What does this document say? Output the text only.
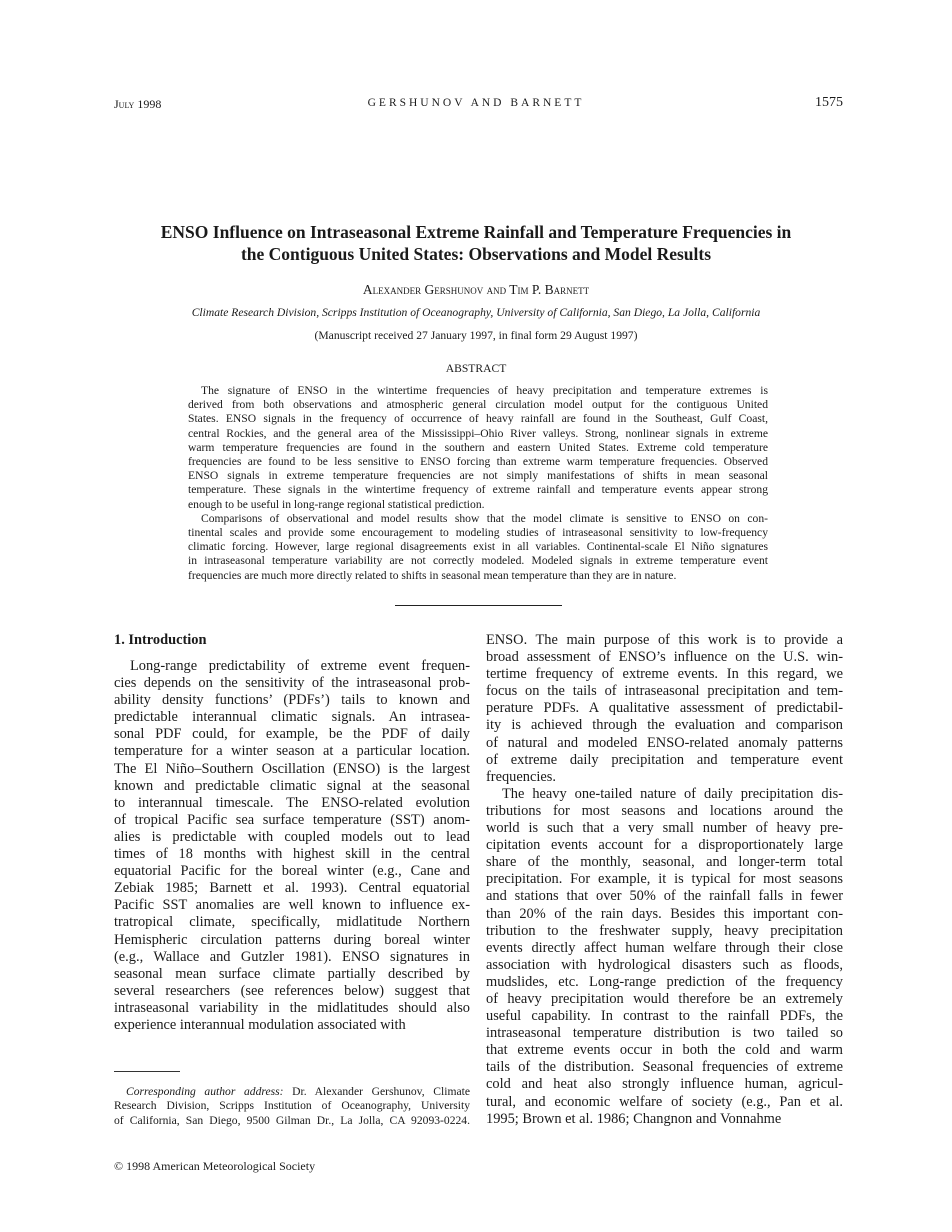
July 1998	GERSHUNOV AND BARNETT	1575
ENSO Influence on Intraseasonal Extreme Rainfall and Temperature Frequencies in
the Contiguous United States: Observations and Model Results
Alexander Gershunov and Tim P. Barnett
Climate Research Division, Scripps Institution of Oceanography, University of California, San Diego, La Jolla, California
(Manuscript received 27 January 1997, in final form 29 August 1997)
ABSTRACT
The signature of ENSO in the wintertime frequencies of heavy precipitation and temperature extremes is
derived from both observations and atmospheric general circulation model output for the contiguous United
States. ENSO signals in the frequency of occurrence of heavy rainfall are found in the Southeast, Gulf Coast,
central Rockies, and the general area of the Mississippi–Ohio River valleys. Strong, nonlinear signals in extreme
warm temperature frequencies are found in the southern and eastern United States. Extreme cold temperature
frequencies are found to be less sensitive to ENSO forcing than extreme warm temperature frequencies. Observed
ENSO signals in extreme temperature frequencies are not simply manifestations of shifts in mean seasonal
temperature. These signals in the wintertime frequency of extreme rainfall and temperature events appear strong
enough to be useful in long-range regional statistical prediction.
Comparisons of observational and model results show that the model climate is sensitive to ENSO on con-
tinental scales and provide some encouragement to modeling studies of intraseasonal sensitivity to low-frequency
climatic forcing. However, large regional disagreements exist in all variables. Continental-scale El Niño signatures
in intraseasonal temperature variability are not correctly modeled. Modeled signals in extreme temperature event
frequencies are much more directly related to shifts in seasonal mean temperature than they are in nature.
1. Introduction
Long-range predictability of extreme event frequen-
cies depends on the sensitivity of the intraseasonal prob-
ability density functions’ (PDFs’) tails to known and
predictable interannual climatic signals. An intrasea-
sonal PDF could, for example, be the PDF of daily
temperature for a winter season at a particular location.
The El Niño–Southern Oscillation (ENSO) is the largest
known and predictable climatic signal at the seasonal
to interannual timescale. The ENSO-related evolution
of tropical Pacific sea surface temperature (SST) anom-
alies is predictable with coupled models out to lead
times of 18 months with highest skill in the central
equatorial Pacific for the boreal winter (e.g., Cane and
Zebiak 1985; Barnett et al. 1993). Central equatorial
Pacific SST anomalies are well known to influence ex-
tratropical climate, specifically, midlatitude Northern
Hemispheric circulation patterns during boreal winter
(e.g., Wallace and Gutzler 1981). ENSO signatures in
seasonal mean surface climate partially described by
several researchers (see references below) suggest that
intraseasonal variability in the midlatitudes should also
experience interannual modulation associated with
ENSO. The main purpose of this work is to provide a
broad assessment of ENSO’s influence on the U.S. win-
tertime frequency of extreme events. In this regard, we
focus on the tails of intraseasonal precipitation and tem-
perature PDFs. A qualitative assessment of predictabil-
ity is achieved through the evaluation and comparison
of natural and modeled ENSO-related anomaly patterns
of extreme daily precipitation and temperature event
frequencies.
The heavy one-tailed nature of daily precipitation dis-
tributions for most seasons and locations around the
world is such that a very small number of heavy pre-
cipitation events account for a disproportionately large
share of the monthly, seasonal, and longer-term total
precipitation. For example, it is typical for most seasons
and stations that over 50% of the rainfall falls in fewer
than 20% of the rain days. Besides this important con-
tribution to the freshwater supply, heavy precipitation
events directly affect human welfare through their close
association with hydrological disasters such as floods,
mudslides, etc. Long-range prediction of the frequency
of heavy precipitation would therefore be an extremely
useful capability. In contrast to the rainfall PDFs, the
intraseasonal temperature distribution is two tailed so
that extreme events occur in both the cold and warm
tails of the distribution. Seasonal frequencies of extreme
cold and heat also strongly influence human, agricul-
tural, and economic welfare of society (e.g., Pan et al.
1995; Brown et al. 1986; Changnon and Vonnahme
Corresponding author address: Dr. Alexander Gershunov, Climate
Research Division, Scripps Institution of Oceanography, University
of California, San Diego, 9500 Gilman Dr., La Jolla, CA 92093-0224.
© 1998 American Meteorological Society
